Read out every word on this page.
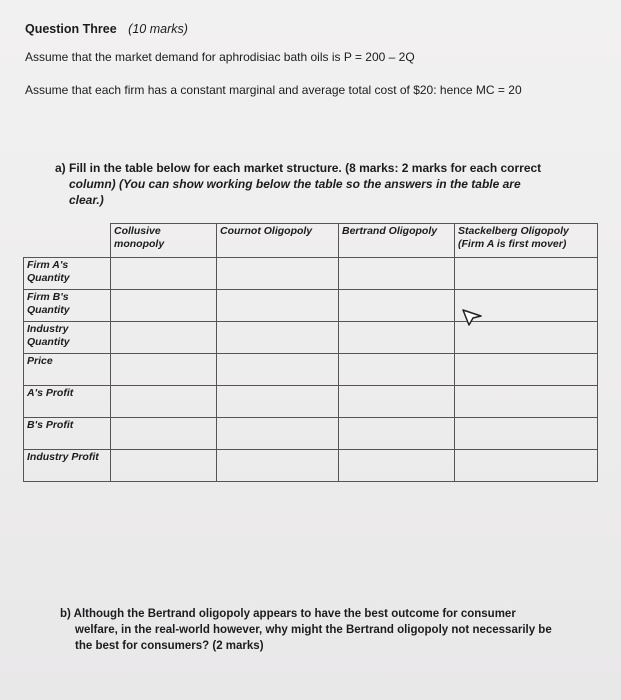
Question Three (10 marks)
Assume that the market demand for aphrodisiac bath oils is P = 200 – 2Q
Assume that each firm has a constant marginal and average total cost of $20: hence MC = 20
a) Fill in the table below for each market structure. (8 marks: 2 marks for each correct
column) (You can show working below the table so the answers in the table are clear.)
	Collusive monopoly	Cournot Oligopoly	Bertrand Oligopoly	Stackelberg Oligopoly (Firm A is first mover)
Firm A's Quantity				
Firm B's Quantity				
Industry Quantity				
Price				
A's Profit				
B's Profit				
Industry Profit				
b) Although the Bertrand oligopoly appears to have the best outcome for consumer
welfare, in the real-world however, why might the Bertrand oligopoly not necessarily be the best for consumers? (2 marks)
